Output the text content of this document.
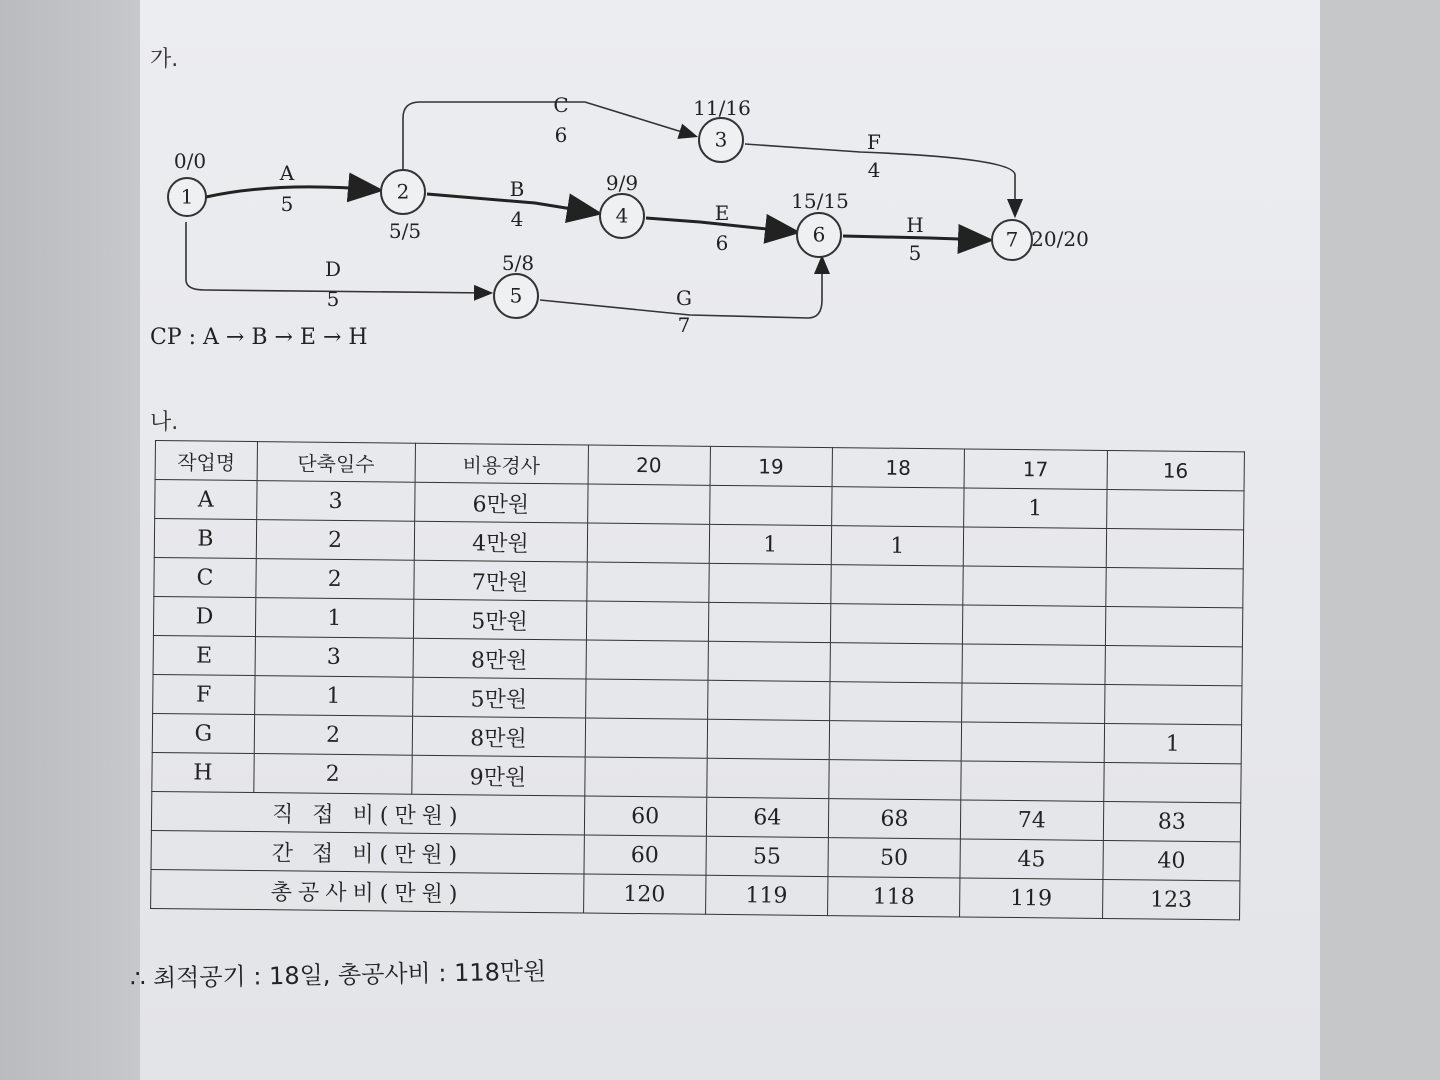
가.
1	2
3
4
5
6	7
0/0
5/5
11/16
9/9
5/8
15/15
20/20
A
5
B
4
C
6
D
5
E
6
F
4
G
7
H
5
CP : A → B → E → H
나.
작업명	단축일수	비용경사	20	19	18	17	16
A	3	6만원				1	
B	2	4만원		1	1		
C	2	7만원					
D	1	5만원					
E	3	8만원					
F	1	5만원					
G	2	8만원					1
H	2	9만원					
직 접 비(만원)			60	64	68	74	83
간 접 비(만원)			60	55	50	45	40
총공사비(만원)			120	119	118	119	123
∴ 최적공기 : 18일, 총공사비 : 118만원
